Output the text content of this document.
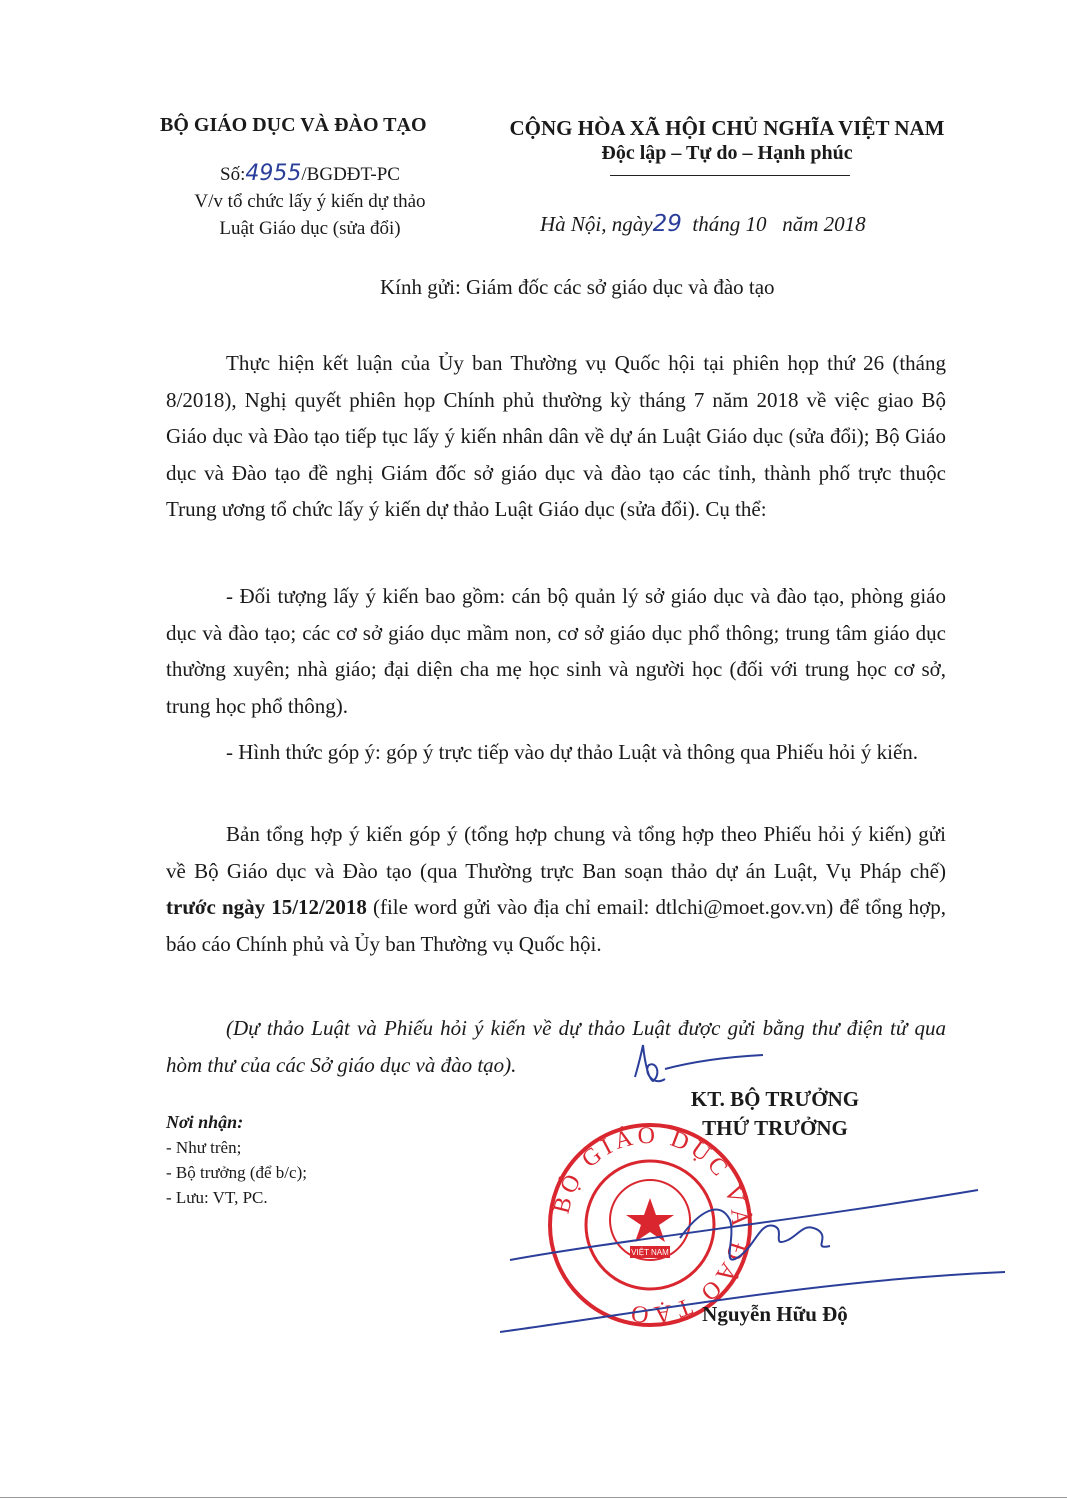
BỘ GIÁO DỤC VÀ ĐÀO TẠO
Số:4955/BGDĐT-PC
V/v tổ chức lấy ý kiến dự thảo
Luật Giáo dục (sửa đổi)
CỘNG HÒA XÃ HỘI CHỦ NGHĨA VIỆT NAM
Độc lập – Tự do – Hạnh phúc
Hà Nội, ngày29 tháng 10 năm 2018
Kính gửi: Giám đốc các sở giáo dục và đào tạo

Thực hiện kết luận của Ủy ban Thường vụ Quốc hội tại phiên họp thứ 26 (tháng 8/2018), Nghị quyết phiên họp Chính phủ thường kỳ tháng 7 năm 2018 về việc giao Bộ Giáo dục và Đào tạo tiếp tục lấy ý kiến nhân dân về dự án Luật Giáo dục (sửa đổi); Bộ Giáo dục và Đào tạo đề nghị Giám đốc sở giáo dục và đào tạo các tỉnh, thành phố trực thuộc Trung ương tổ chức lấy ý kiến dự thảo Luật Giáo dục (sửa đổi). Cụ thể:

- Đối tượng lấy ý kiến bao gồm: cán bộ quản lý sở giáo dục và đào tạo, phòng giáo dục và đào tạo; các cơ sở giáo dục mầm non, cơ sở giáo dục phổ thông; trung tâm giáo dục thường xuyên; nhà giáo; đại diện cha mẹ học sinh và người học (đối với trung học cơ sở, trung học phổ thông).

- Hình thức góp ý: góp ý trực tiếp vào dự thảo Luật và thông qua Phiếu hỏi ý kiến.

Bản tổng hợp ý kiến góp ý (tổng hợp chung và tổng hợp theo Phiếu hỏi ý kiến) gửi về Bộ Giáo dục và Đào tạo (qua Thường trực Ban soạn thảo dự án Luật, Vụ Pháp chế) trước ngày 15/12/2018 (file word gửi vào địa chỉ email: dtlchi@moet.gov.vn) để tổng hợp, báo cáo Chính phủ và Ủy ban Thường vụ Quốc hội.

(Dự thảo Luật và Phiếu hỏi ý kiến về dự thảo Luật được gửi bằng thư điện tử qua hòm thư của các Sở giáo dục và đào tạo).

Nơi nhận:
- Như trên;
- Bộ trưởng (để b/c);
- Lưu: VT, PC.	BỘ GIÁO DỤC VÀ ĐÀO TẠO
VIỆT NAM
KT. BỘ TRƯỞNG
THỨ TRƯỞNG
Nguyễn Hữu Độ
